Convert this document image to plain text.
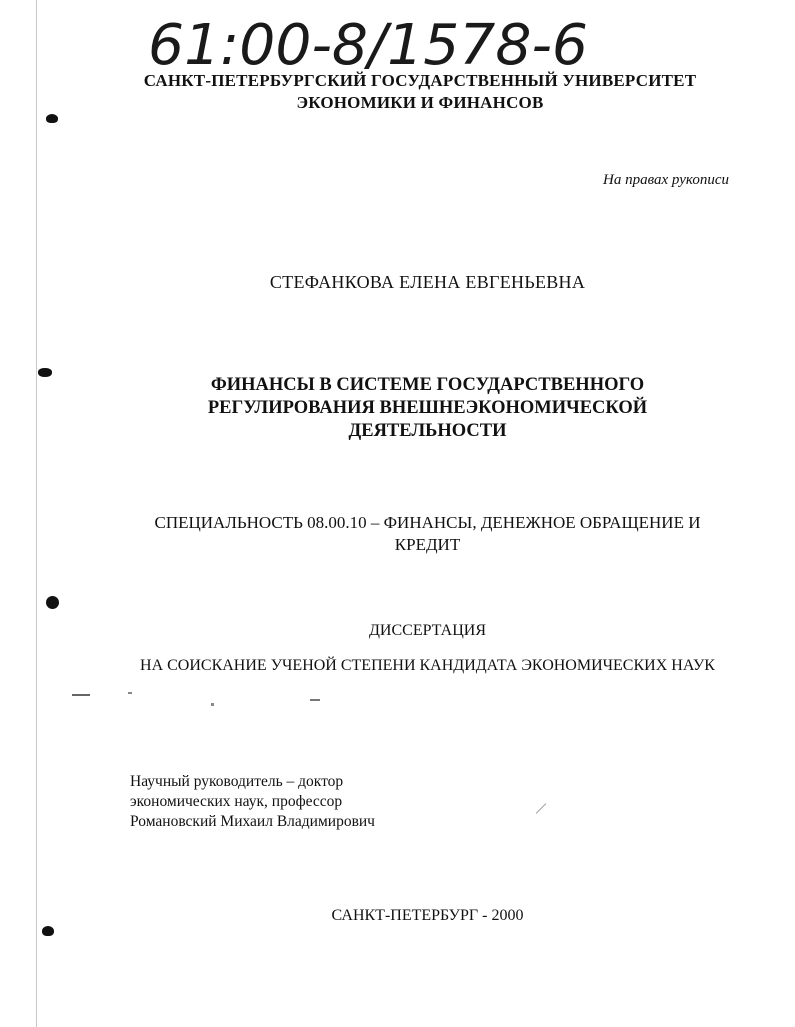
61:00-8/1578-6
САНКТ-ПЕТЕРБУРГСКИЙ ГОСУДАРСТВЕННЫЙ УНИВЕРСИТЕТ
ЭКОНОМИКИ И ФИНАНСОВ
На правах рукописи
СТЕФАНКОВА ЕЛЕНА ЕВГЕНЬЕВНА
ФИНАНСЫ В СИСТЕМЕ ГОСУДАРСТВЕННОГО
РЕГУЛИРОВАНИЯ ВНЕШНЕЭКОНОМИЧЕСКОЙ
ДЕЯТЕЛЬНОСТИ
СПЕЦИАЛЬНОСТЬ 08.00.10 – ФИНАНСЫ, ДЕНЕЖНОЕ ОБРАЩЕНИЕ И
КРЕДИТ
ДИССЕРТАЦИЯ
НА СОИСКАНИЕ УЧЕНОЙ СТЕПЕНИ КАНДИДАТА ЭКОНОМИЧЕСКИХ НАУК
Научный руководитель – доктор
экономических наук, профессор
Романовский Михаил Владимирович
САНКТ-ПЕТЕРБУРГ - 2000
